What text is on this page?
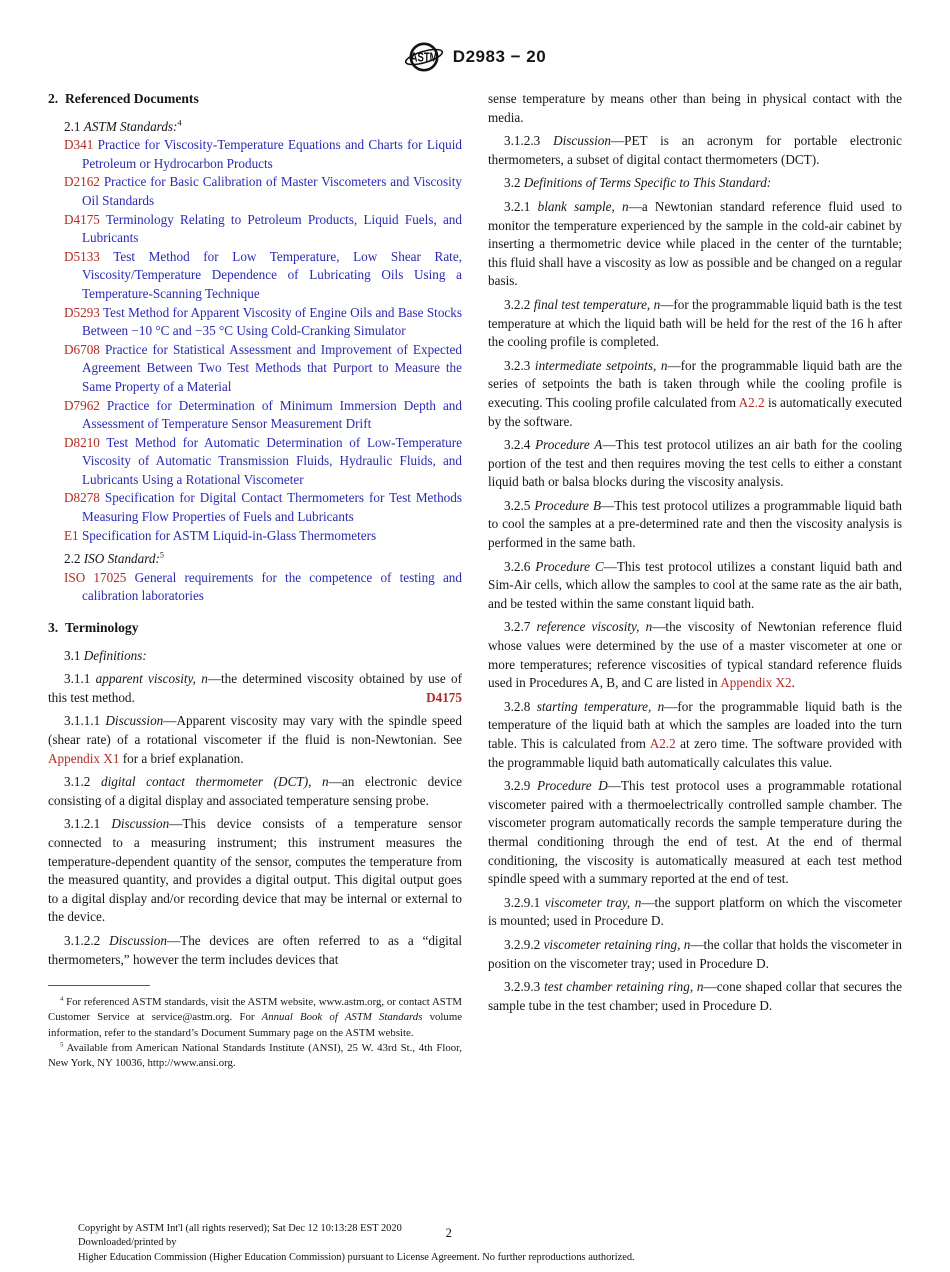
ASTM D2983 − 20
2. Referenced Documents
2.1 ASTM Standards:$^4$
D341 Practice for Viscosity-Temperature Equations and Charts for Liquid Petroleum or Hydrocarbon Products
D2162 Practice for Basic Calibration of Master Viscometers and Viscosity Oil Standards
D4175 Terminology Relating to Petroleum Products, Liquid Fuels, and Lubricants
D5133 Test Method for Low Temperature, Low Shear Rate, Viscosity/Temperature Dependence of Lubricating Oils Using a Temperature-Scanning Technique
D5293 Test Method for Apparent Viscosity of Engine Oils and Base Stocks Between −10 °C and −35 °C Using Cold-Cranking Simulator
D6708 Practice for Statistical Assessment and Improvement of Expected Agreement Between Two Test Methods that Purport to Measure the Same Property of a Material
D7962 Practice for Determination of Minimum Immersion Depth and Assessment of Temperature Sensor Measurement Drift
D8210 Test Method for Automatic Determination of Low-Temperature Viscosity of Automatic Transmission Fluids, Hydraulic Fluids, and Lubricants Using a Rotational Viscometer
D8278 Specification for Digital Contact Thermometers for Test Methods Measuring Flow Properties of Fuels and Lubricants
E1 Specification for ASTM Liquid-in-Glass Thermometers
2.2 ISO Standard:$^5$
ISO 17025 General requirements for the competence of testing and calibration laboratories
3. Terminology
3.1 Definitions:
3.1.1 apparent viscosity, n—the determined viscosity obtained by use of this test method.	D4175
3.1.1.1 Discussion—Apparent viscosity may vary with the spindle speed (shear rate) of a rotational viscometer if the fluid is non-Newtonian. See Appendix X1 for a brief explanation.
3.1.2 digital contact thermometer (DCT), n—an electronic device consisting of a digital display and associated temperature sensing probe.
3.1.2.1 Discussion—This device consists of a temperature sensor connected to a measuring instrument; this instrument measures the temperature-dependent quantity of the sensor, computes the temperature from the measured quantity, and provides a digital output. This digital output goes to a digital display and/or recording device that may be internal or external to the device.
3.1.2.2 Discussion—The devices are often referred to as a “digital thermometers,” however the term includes devices that
$^4$ For referenced ASTM standards, visit the ASTM website, www.astm.org, or contact ASTM Customer Service at service@astm.org. For Annual Book of ASTM Standards volume information, refer to the standard’s Document Summary page on the ASTM website.
$^5$ Available from American National Standards Institute (ANSI), 25 W. 43rd St., 4th Floor, New York, NY 10036, http://www.ansi.org.
sense temperature by means other than being in physical contact with the media.
3.1.2.3 Discussion—PET is an acronym for portable electronic thermometers, a subset of digital contact thermometers (DCT).
3.2 Definitions of Terms Specific to This Standard:
3.2.1 blank sample, n—a Newtonian standard reference fluid used to monitor the temperature experienced by the sample in the cold-air cabinet by inserting a thermometric device while placed in the center of the turntable; this fluid shall have a viscosity as low as possible and be changed on a regular basis.
3.2.2 final test temperature, n—for the programmable liquid bath is the test temperature at which the liquid bath will be held for the rest of the 16 h after the cooling profile is completed.
3.2.3 intermediate setpoints, n—for the programmable liquid bath are the series of setpoints the bath is taken through while the cooling profile is executing. This cooling profile calculated from A2.2 is automatically executed by the software.
3.2.4 Procedure A—This test protocol utilizes an air bath for the cooling portion of the test and then requires moving the test cells to either a constant liquid bath or balsa blocks during the viscosity analysis.
3.2.5 Procedure B—This test protocol utilizes a programmable liquid bath to cool the samples at a pre-determined rate and then the viscosity analysis is performed in the same bath.
3.2.6 Procedure C—This test protocol utilizes a constant liquid bath and Sim-Air cells, which allow the samples to cool at the same rate as the air bath, and be tested within the same constant liquid bath.
3.2.7 reference viscosity, n—the viscosity of Newtonian reference fluid whose values were determined by the use of a master viscometer at one or more temperatures; reference viscosities of typical standard reference fluids used in Procedures A, B, and C are listed in Appendix X2.
3.2.8 starting temperature, n—for the programmable liquid bath is the temperature of the liquid bath at which the samples are loaded into the turn table. This is calculated from A2.2 at zero time. The software provided with the programmable liquid bath automatically calculates this value.
3.2.9 Procedure D—This test protocol uses a programmable rotational viscometer paired with a thermoelectrically controlled sample chamber. The viscometer program automatically records the sample temperature during the thermal conditioning through the end of test. At the end of thermal conditioning, the viscosity is automatically measured at each test method spindle speed with a summary reported at the end of test.
3.2.9.1 viscometer tray, n—the support platform on which the viscometer is mounted; used in Procedure D.
3.2.9.2 viscometer retaining ring, n—the collar that holds the viscometer in position on the viscometer tray; used in Procedure D.
3.2.9.3 test chamber retaining ring, n—cone shaped collar that secures the sample tube in the test chamber; used in Procedure D.
Copyright by ASTM Int'l (all rights reserved); Sat Dec 12 10:13:28 EST 2020
Downloaded/printed by
Higher Education Commission (Higher Education Commission) pursuant to License Agreement. No further reproductions authorized.
2
